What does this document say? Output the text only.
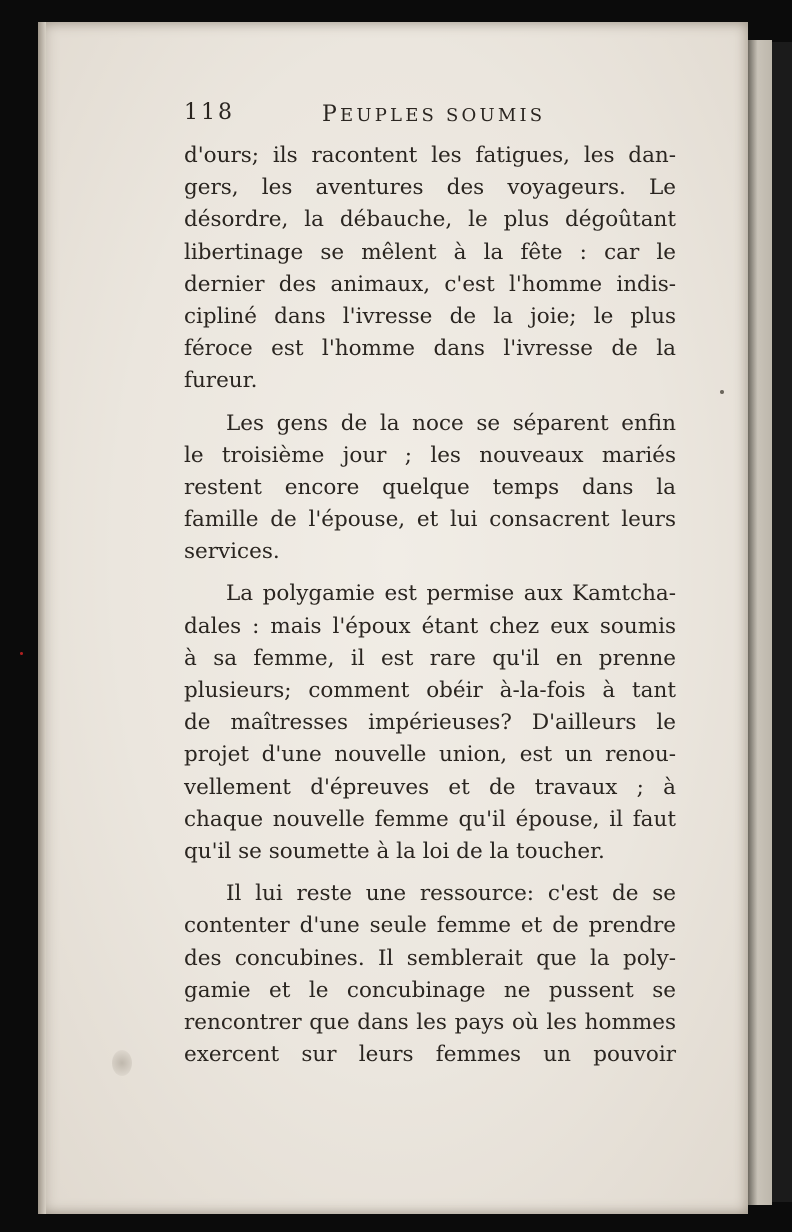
118	PEUPLES SOUMIS
d'ours; ils racontent les fatigues, les dan-
gers, les aventures des voyageurs. Le
désordre, la débauche, le plus dégoûtant
libertinage se mêlent à la fête : car le
dernier des animaux, c'est l'homme indis-
cipliné dans l'ivresse de la joie; le plus
féroce est l'homme dans l'ivresse de la
fureur.
Les gens de la noce se séparent enfin
le troisième jour ; les nouveaux mariés
restent encore quelque temps dans la
famille de l'épouse, et lui consacrent leurs
services.
La polygamie est permise aux Kamtcha-
dales : mais l'époux étant chez eux soumis
à sa femme, il est rare qu'il en prenne
plusieurs; comment obéir à-la-fois à tant
de maîtresses impérieuses? D'ailleurs le
projet d'une nouvelle union, est un renou-
vellement d'épreuves et de travaux ; à
chaque nouvelle femme qu'il épouse, il faut
qu'il se soumette à la loi de la toucher.
Il lui reste une ressource: c'est de se
contenter d'une seule femme et de prendre
des concubines. Il semblerait que la poly-
gamie et le concubinage ne pussent se
rencontrer que dans les pays où les hommes
exercent sur leurs femmes un pouvoir
